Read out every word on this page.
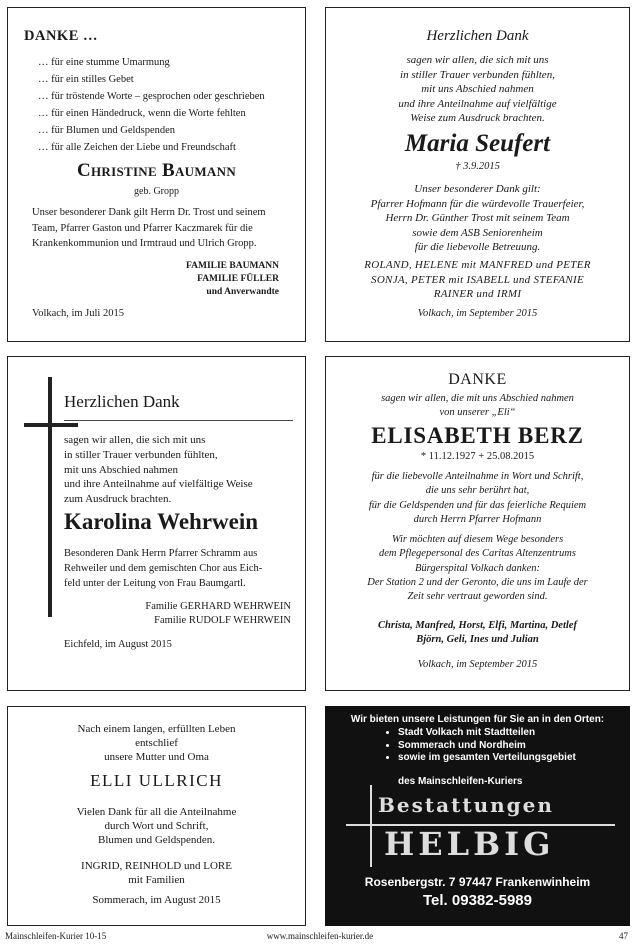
DANKE …
… für eine stumme Umarmung
… für ein stilles Gebet
… für tröstende Worte – gesprochen oder geschrieben
… für einen Händedruck, wenn die Worte fehlten
… für Blumen und Geldspenden
… für alle Zeichen der Liebe und Freundschaft
Christine Baumann
geb. Gropp
Unser besonderer Dank gilt Herrn Dr. Trost und seinem Team, Pfarrer Gaston und Pfarrer Kaczmarek für die Krankenkommunion und Irmtraud und Ulrich Gropp.

FAMILIE BAUMANN

FAMILIE FÜLLER

und Anverwandte

Volkach, im Juli 2015
Herzlichen Dank

sagen wir allen, die sich mit uns

in stiller Trauer verbunden fühlten,

mit uns Abschied nahmen

und ihre Anteilnahme auf vielfältige

Weise zum Ausdruck brachten.

Maria Seufert
† 3.9.2015

Unser besonderer Dank gilt:

Pfarrer Hofmann für die würdevolle Trauerfeier,

Herrn Dr. Günther Trost mit seinem Team

sowie dem ASB Seniorenheim

für die liebevolle Betreuung.

ROLAND, HELENE mit MANFRED und PETER

SONJA, PETER mit ISABELL und STEFANIE

RAINER und IRMI

Volkach, im September 2015
Herzlichen Dank

sagen wir allen, die sich mit uns

in stiller Trauer verbunden fühlten,

mit uns Abschied nahmen

und ihre Anteilnahme auf vielfältige Weise

zum Ausdruck brachten.

Karolina Wehrwein

Besonderen Dank Herrn Pfarrer Schramm aus

Rehweiler und dem gemischten Chor aus Eich-

feld unter der Leitung von Frau Baumgartl.

Familie GERHARD WEHRWEIN

Familie RUDOLF WEHRWEIN

Eichfeld, im August 2015
DANKE

sagen wir allen, die mit uns Abschied nahmen

von unserer „Eli“

ELISABETH BERZ
* 11.12.1927 + 25.08.2015

für die liebevolle Anteilnahme in Wort und Schrift,

die uns sehr berührt hat,

für die Geldspenden und für das feierliche Requiem

durch Herrn Pfarrer Hofmann

Wir möchten auf diesem Wege besonders

dem Pflegepersonal des Caritas Altenzentrums

Bürgerspital Volkach danken:

Der Station 2 und der Geronto, die uns im Laufe der

Zeit sehr vertraut geworden sind.

Christa, Manfred, Horst, Elfi, Martina, Detlef

Björn, Geli, Ines und Julian

Volkach, im September 2015

Nach einem langen, erfüllten Leben

entschlief

unsere Mutter und Oma

ELLI ULLRICH

Vielen Dank für all die Anteilnahme

durch Wort und Schrift,

Blumen und Geldspenden.

INGRID, REINHOLD und LORE

mit Familien

Sommerach, im August 2015
Wir bieten unsere Leistungen für Sie an in den Orten:
• Stadt Volkach mit Stadtteilen
• Sommerach und Nordheim
• sowie im gesamten Verteilungsgebiet
des Mainschleifen-Kuriers
Bestattungen
HELBIG
Rosenbergstr. 7 97447 Frankenwinheim
Tel. 09382-5989
Mainschleifen-Kurier 10-15	www.mainschleifen-kurier.de	47
